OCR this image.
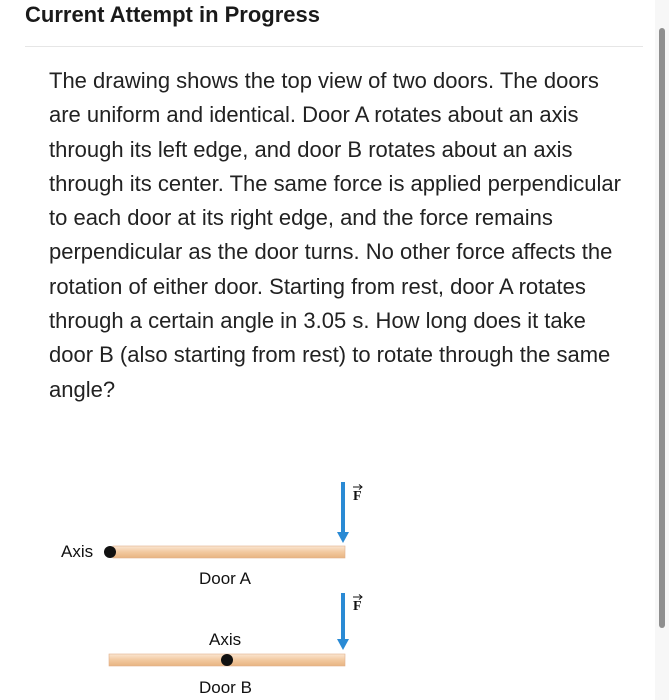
Current Attempt in Progress

The drawing shows the top view of two doors. The doors are uniform and identical. Door A rotates about an axis through its left edge, and door B rotates about an axis through its center. The same force is applied perpendicular to each door at its right edge, and the force remains perpendicular as the door turns. No other force affects the rotation of either door. Starting from rest, door A rotates through a certain angle in 3.05 s. How long does it take door B (also starting from rest) to rotate through the same angle?

Axis
Door A
F
F
Axis
Door B
